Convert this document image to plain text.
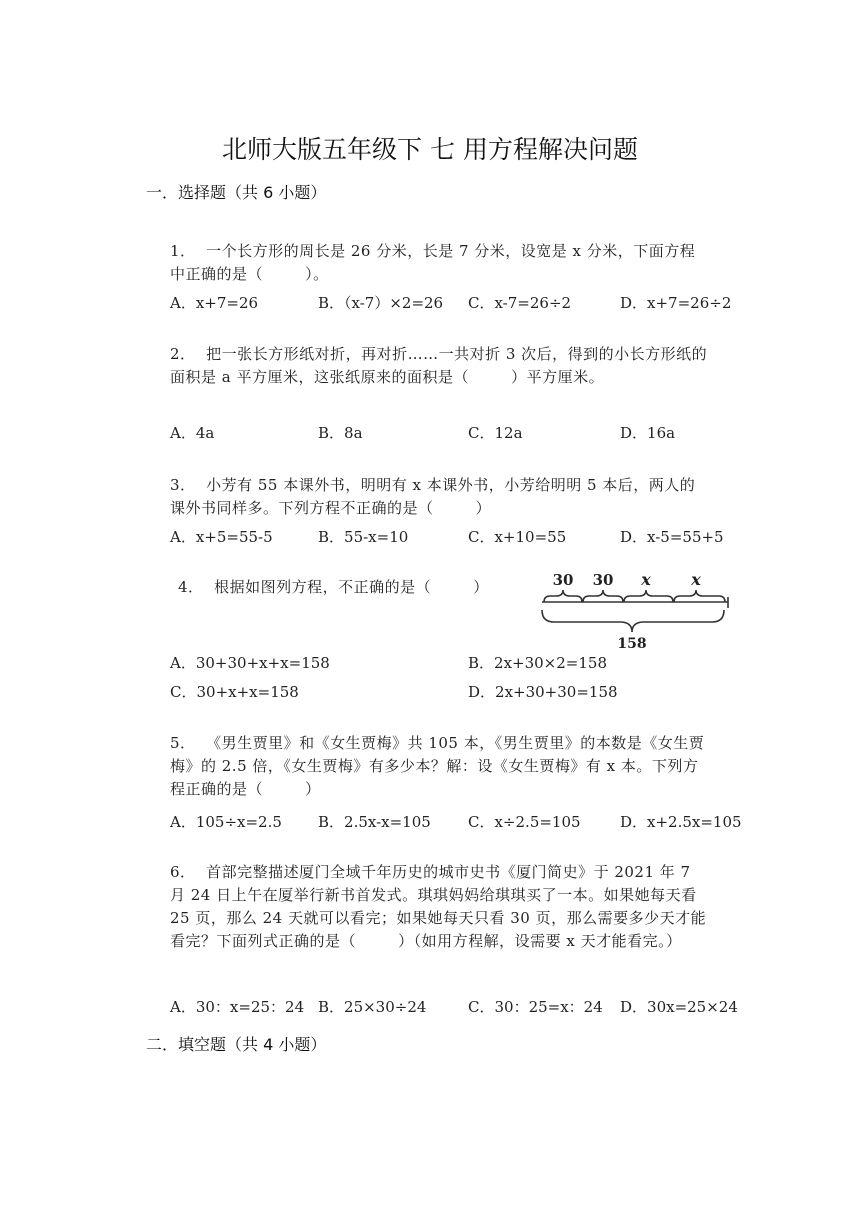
北师大版五年级下 七 用方程解决问题
一．选择题（共 6 小题）
1．  一个长方形的周长是 26 分米，长是 7 分米，设宽是 x 分米，下面方程中正确的是（        ）。
A．x+7=26	B．（x-7）×2=26 C．x-7=26÷2	D．x+7=26÷2
2．  把一张长方形纸对折，再对折……一共对折 3 次后，得到的小长方形纸的面积是 a 平方厘米，这张纸原来的面积是（        ）平方厘米。
A．4a	B．8a	C．12a	D．16a
3．  小芳有 55 本课外书，明明有 x 本课外书，小芳给明明 5 本后，两人的课外书同样多。下列方程不正确的是（        ）
A．x+5=55-5	B．55-x=10	C．x+10=55	D．x-5=55+5
4．  根据如图列方程，不正确的是（        ）	30 30 x	x
158
A．30+30+x+x=158	B．2x+30×2=158
C．30+x+x=158	D．2x+30+30=158
5．  《男生贾里》和《女生贾梅》共 105 本，《男生贾里》的本数是《女生贾梅》的 2.5 倍，《女生贾梅》有多少本？解：设《女生贾梅》有 x 本。下列方程正确的是（        ）
A．105÷x=2.5 B．2.5x-x=105 C．x÷2.5=105	D．x+2.5x=105
6．  首部完整描述厦门全域千年历史的城市史书《厦门简史》于 2021 年 7 月 24 日上午在厦举行新书首发式。琪琪妈妈给琪琪买了一本。如果她每天看 25 页，那么 24 天就可以看完；如果她每天只看 30 页，那么需要多少天才能看完？下面列式正确的是（        ）（如用方程解，设需要 x 天才能看完。）
A．30：x=25：24 B．25×30÷24	C．30：25=x：24 D．30x=25×24
二．填空题（共 4 小题）
